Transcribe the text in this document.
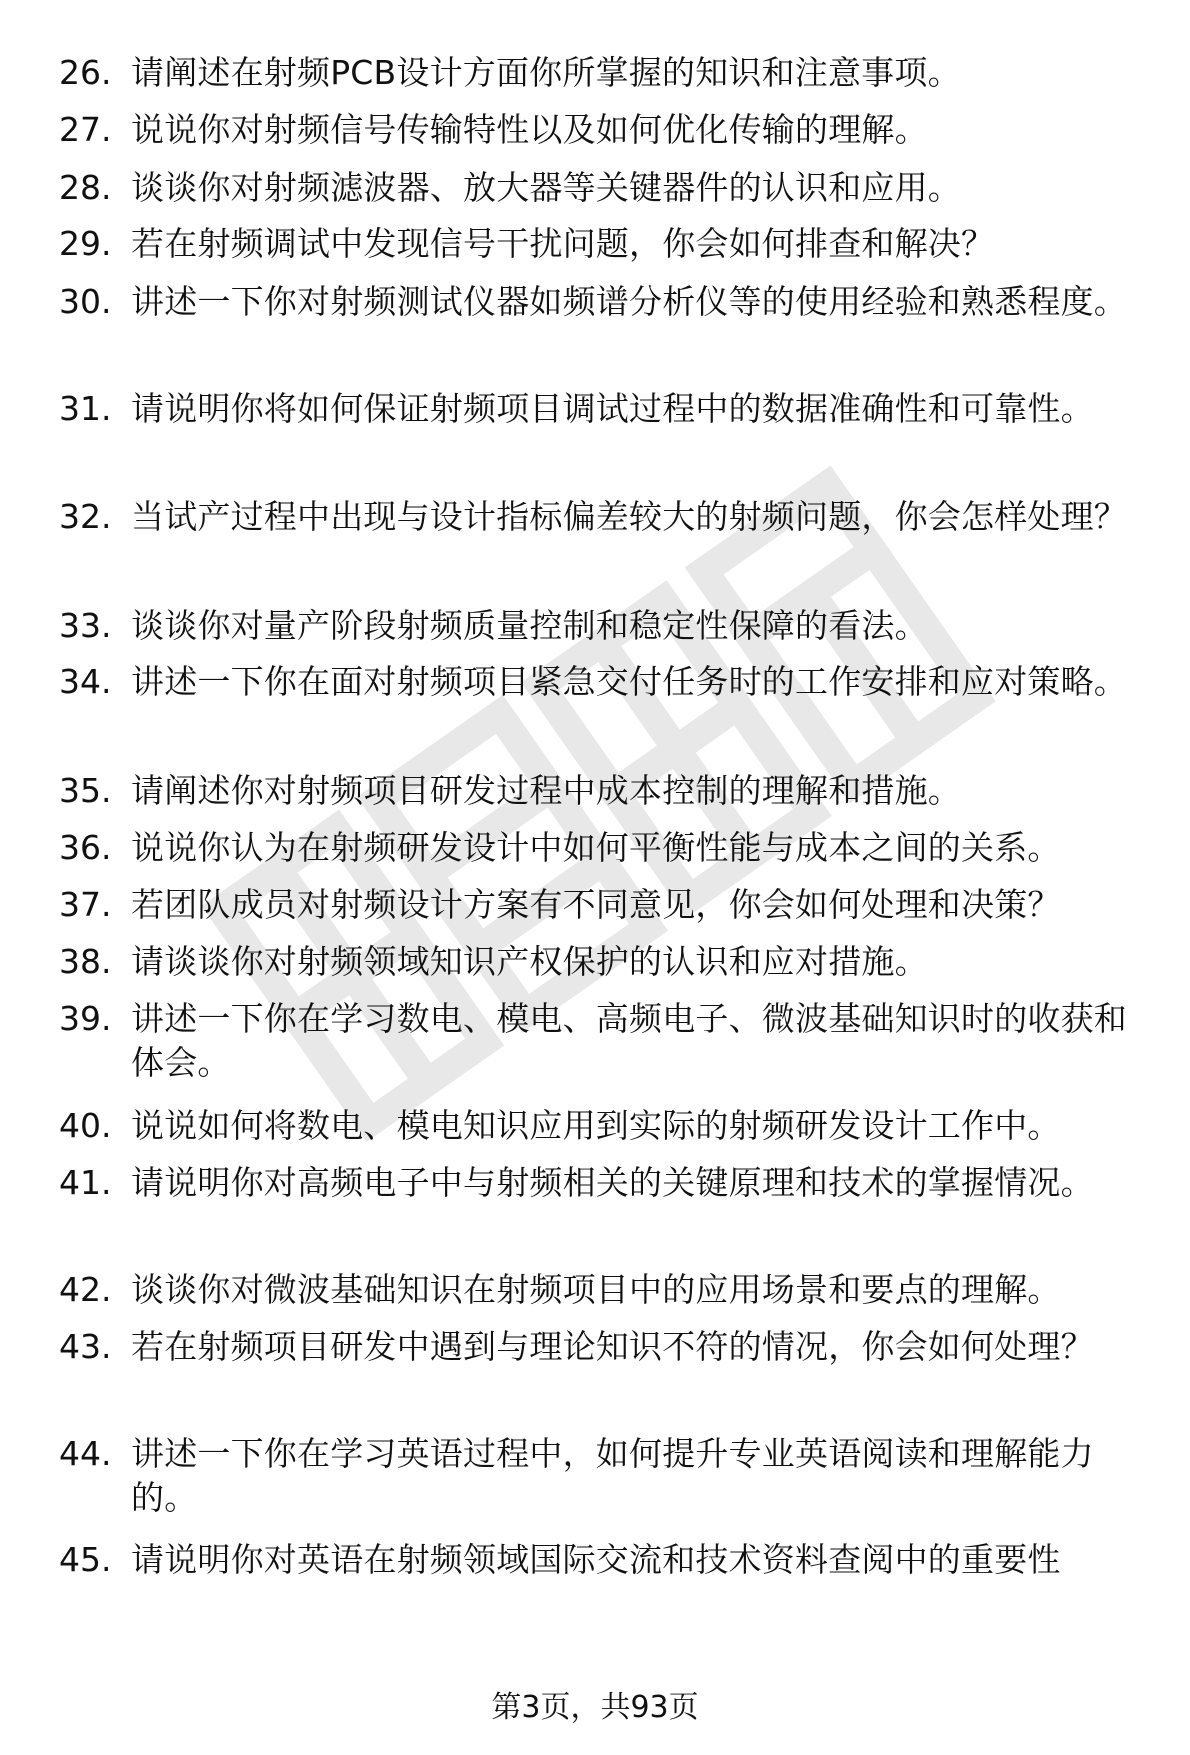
26. 请阐述在射频PCB设计方面你所掌握的知识和注意事项。
27. 说说你对射频信号传输特性以及如何优化传输的理解。
28. 谈谈你对射频滤波器、放大器等关键器件的认识和应用。
29. 若在射频调试中发现信号干扰问题，你会如何排查和解决？
30. 讲述一下你对射频测试仪器如频谱分析仪等的使用经验和熟悉程度。
31. 请说明你将如何保证射频项目调试过程中的数据准确性和可靠性。
32. 当试产过程中出现与设计指标偏差较大的射频问题，你会怎样处理？
33. 谈谈你对量产阶段射频质量控制和稳定性保障的看法。
34. 讲述一下你在面对射频项目紧急交付任务时的工作安排和应对策略。
35. 请阐述你对射频项目研发过程中成本控制的理解和措施。
36. 说说你认为在射频研发设计中如何平衡性能与成本之间的关系。
37. 若团队成员对射频设计方案有不同意见，你会如何处理和决策？
38. 请谈谈你对射频领域知识产权保护的认识和应对措施。
39. 讲述一下你在学习数电、模电、高频电子、微波基础知识时的收获和体会。
40. 说说如何将数电、模电知识应用到实际的射频研发设计工作中。
41. 请说明你对高频电子中与射频相关的关键原理和技术的掌握情况。
42. 谈谈你对微波基础知识在射频项目中的应用场景和要点的理解。
43. 若在射频项目研发中遇到与理论知识不符的情况，你会如何处理？
44. 讲述一下你在学习英语过程中，如何提升专业英语阅读和理解能力的。
45. 请说明你对英语在射频领域国际交流和技术资料查阅中的重要性
第3页，共93页
